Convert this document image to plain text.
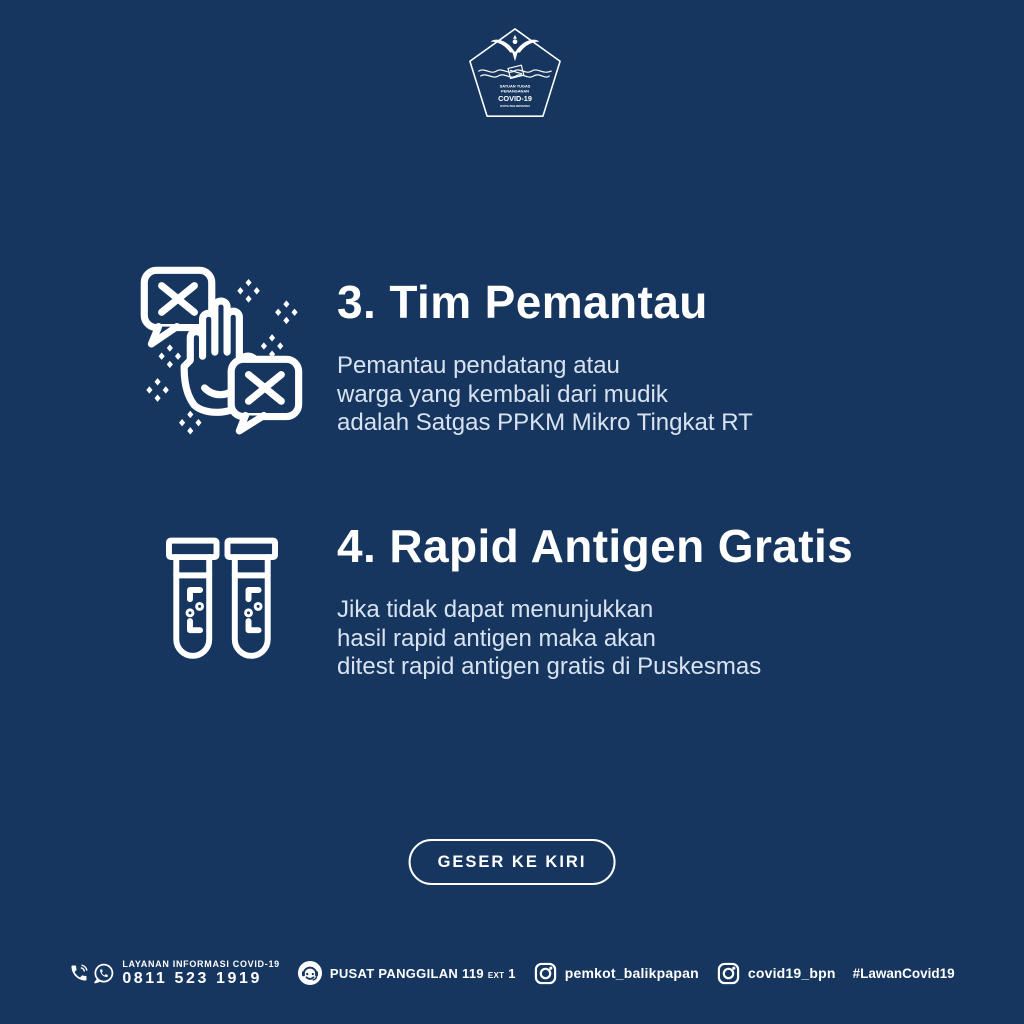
SATUAN TUGAS
PENANGANAN
COVID-19
KOTA BALIKPAPAN
3. Tim Pemantau
Pemantau pendatang atau
warga yang kembali dari mudik
adalah Satgas PPKM Mikro Tingkat RT
4. Rapid Antigen Gratis
Jika tidak dapat menunjukkan
hasil rapid antigen maka akan
ditest rapid antigen gratis di Puskesmas
GESER KE KIRI
LAYANAN INFORMASI COVID-19
0811 523 1919	PUSAT PANGGILAN 119 EXT 1	pemkot_balikpapan	covid19_bpn #LawanCovid19
